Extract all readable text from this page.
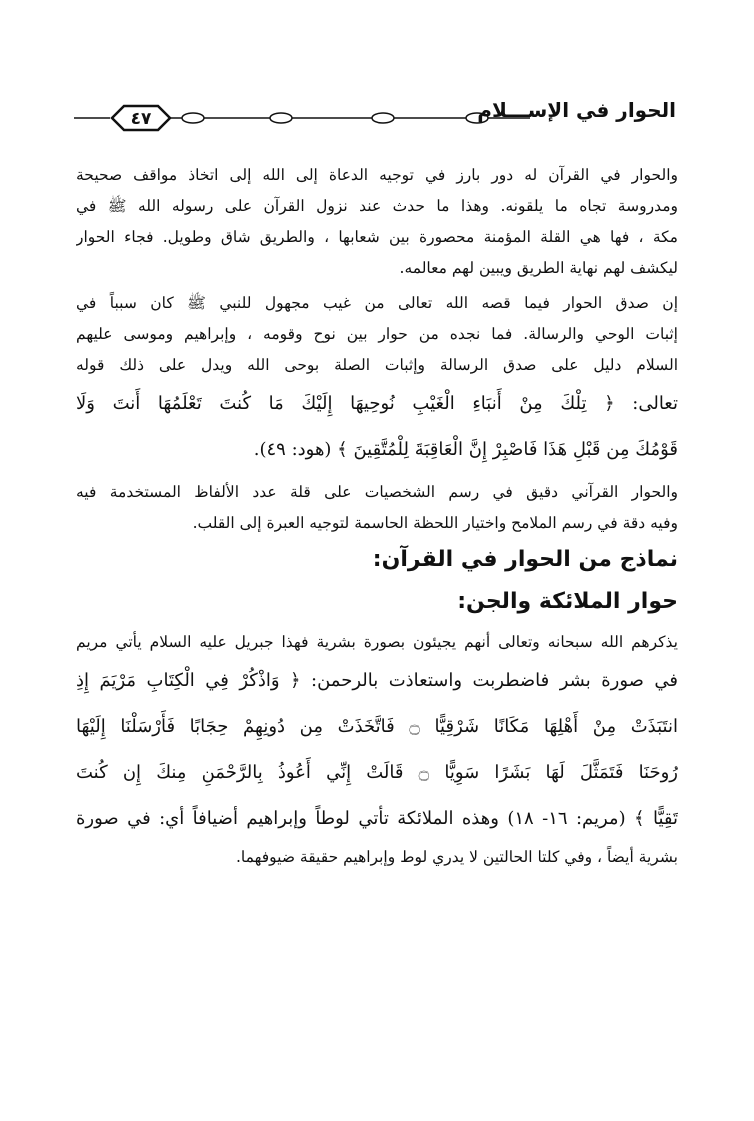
٤٧	الحوار في الإســـلام
والحوار في القرآن له دور بارز في توجيه الدعاة إلى الله إلى اتخاذ مواقف صحيحة
ومدروسة تجاه ما يلقونه. وهذا ما حدث عند نزول القرآن على رسوله الله ﷺ في
مكة ، فها هي القلة المؤمنة محصورة بين شعابها ، والطريق شاق وطويل. فجاء الحوار
ليكشف لهم نهاية الطريق ويبين لهم معالمه.
إن صدق الحوار فيما قصه الله تعالى من غيب مجهول للنبي ﷺ كان سبباً في
إثبات الوحي والرسالة. فما نجده من حوار بين نوح وقومه ، وإبراهيم وموسى عليهم
السلام دليل على صدق الرسالة وإثبات الصلة بوحى الله ويدل على ذلك قوله
تعالى: ﴿ تِلْكَ مِنْ أَنبَاءِ الْغَيْبِ نُوحِيهَا إِلَيْكَ مَا كُنتَ تَعْلَمُهَا أَنتَ وَلَا
قَوْمُكَ مِن قَبْلِ هَذَا فَاصْبِرْ إِنَّ الْعَاقِبَةَ لِلْمُتَّقِينَ ﴾ (هود: ٤٩).
والحوار القرآني دقيق في رسم الشخصيات على قلة عدد الألفاظ المستخدمة فيه
وفيه دقة في رسم الملامح واختيار اللحظة الحاسمة لتوجيه العبرة إلى القلب.
نماذج من الحوار في القرآن:
حوار الملائكة والجن:
يذكرهم الله سبحانه وتعالى أنهم يجيئون بصورة بشرية فهذا جبريل عليه السلام يأتي مريم
في صورة بشر فاضطربت واستعاذت بالرحمن: ﴿ وَاذْكُرْ فِي الْكِتَابِ مَرْيَمَ إِذِ
انتَبَذَتْ مِنْ أَهْلِهَا مَكَانًا شَرْقِيًّا ۝ فَاتَّخَذَتْ مِن دُونِهِمْ حِجَابًا فَأَرْسَلْنَا إِلَيْهَا
رُوحَنَا فَتَمَثَّلَ لَهَا بَشَرًا سَوِيًّا ۝ قَالَتْ إِنِّي أَعُوذُ بِالرَّحْمَنِ مِنكَ إِن كُنتَ
تَقِيًّا ﴾ (مريم: ١٦- ١٨) وهذه الملائكة تأتي لوطاً وإبراهيم أضيافاً أي: في صورة
بشرية أيضاً ، وفي كلتا الحالتين لا يدري لوط وإبراهيم حقيقة ضيوفهما.
